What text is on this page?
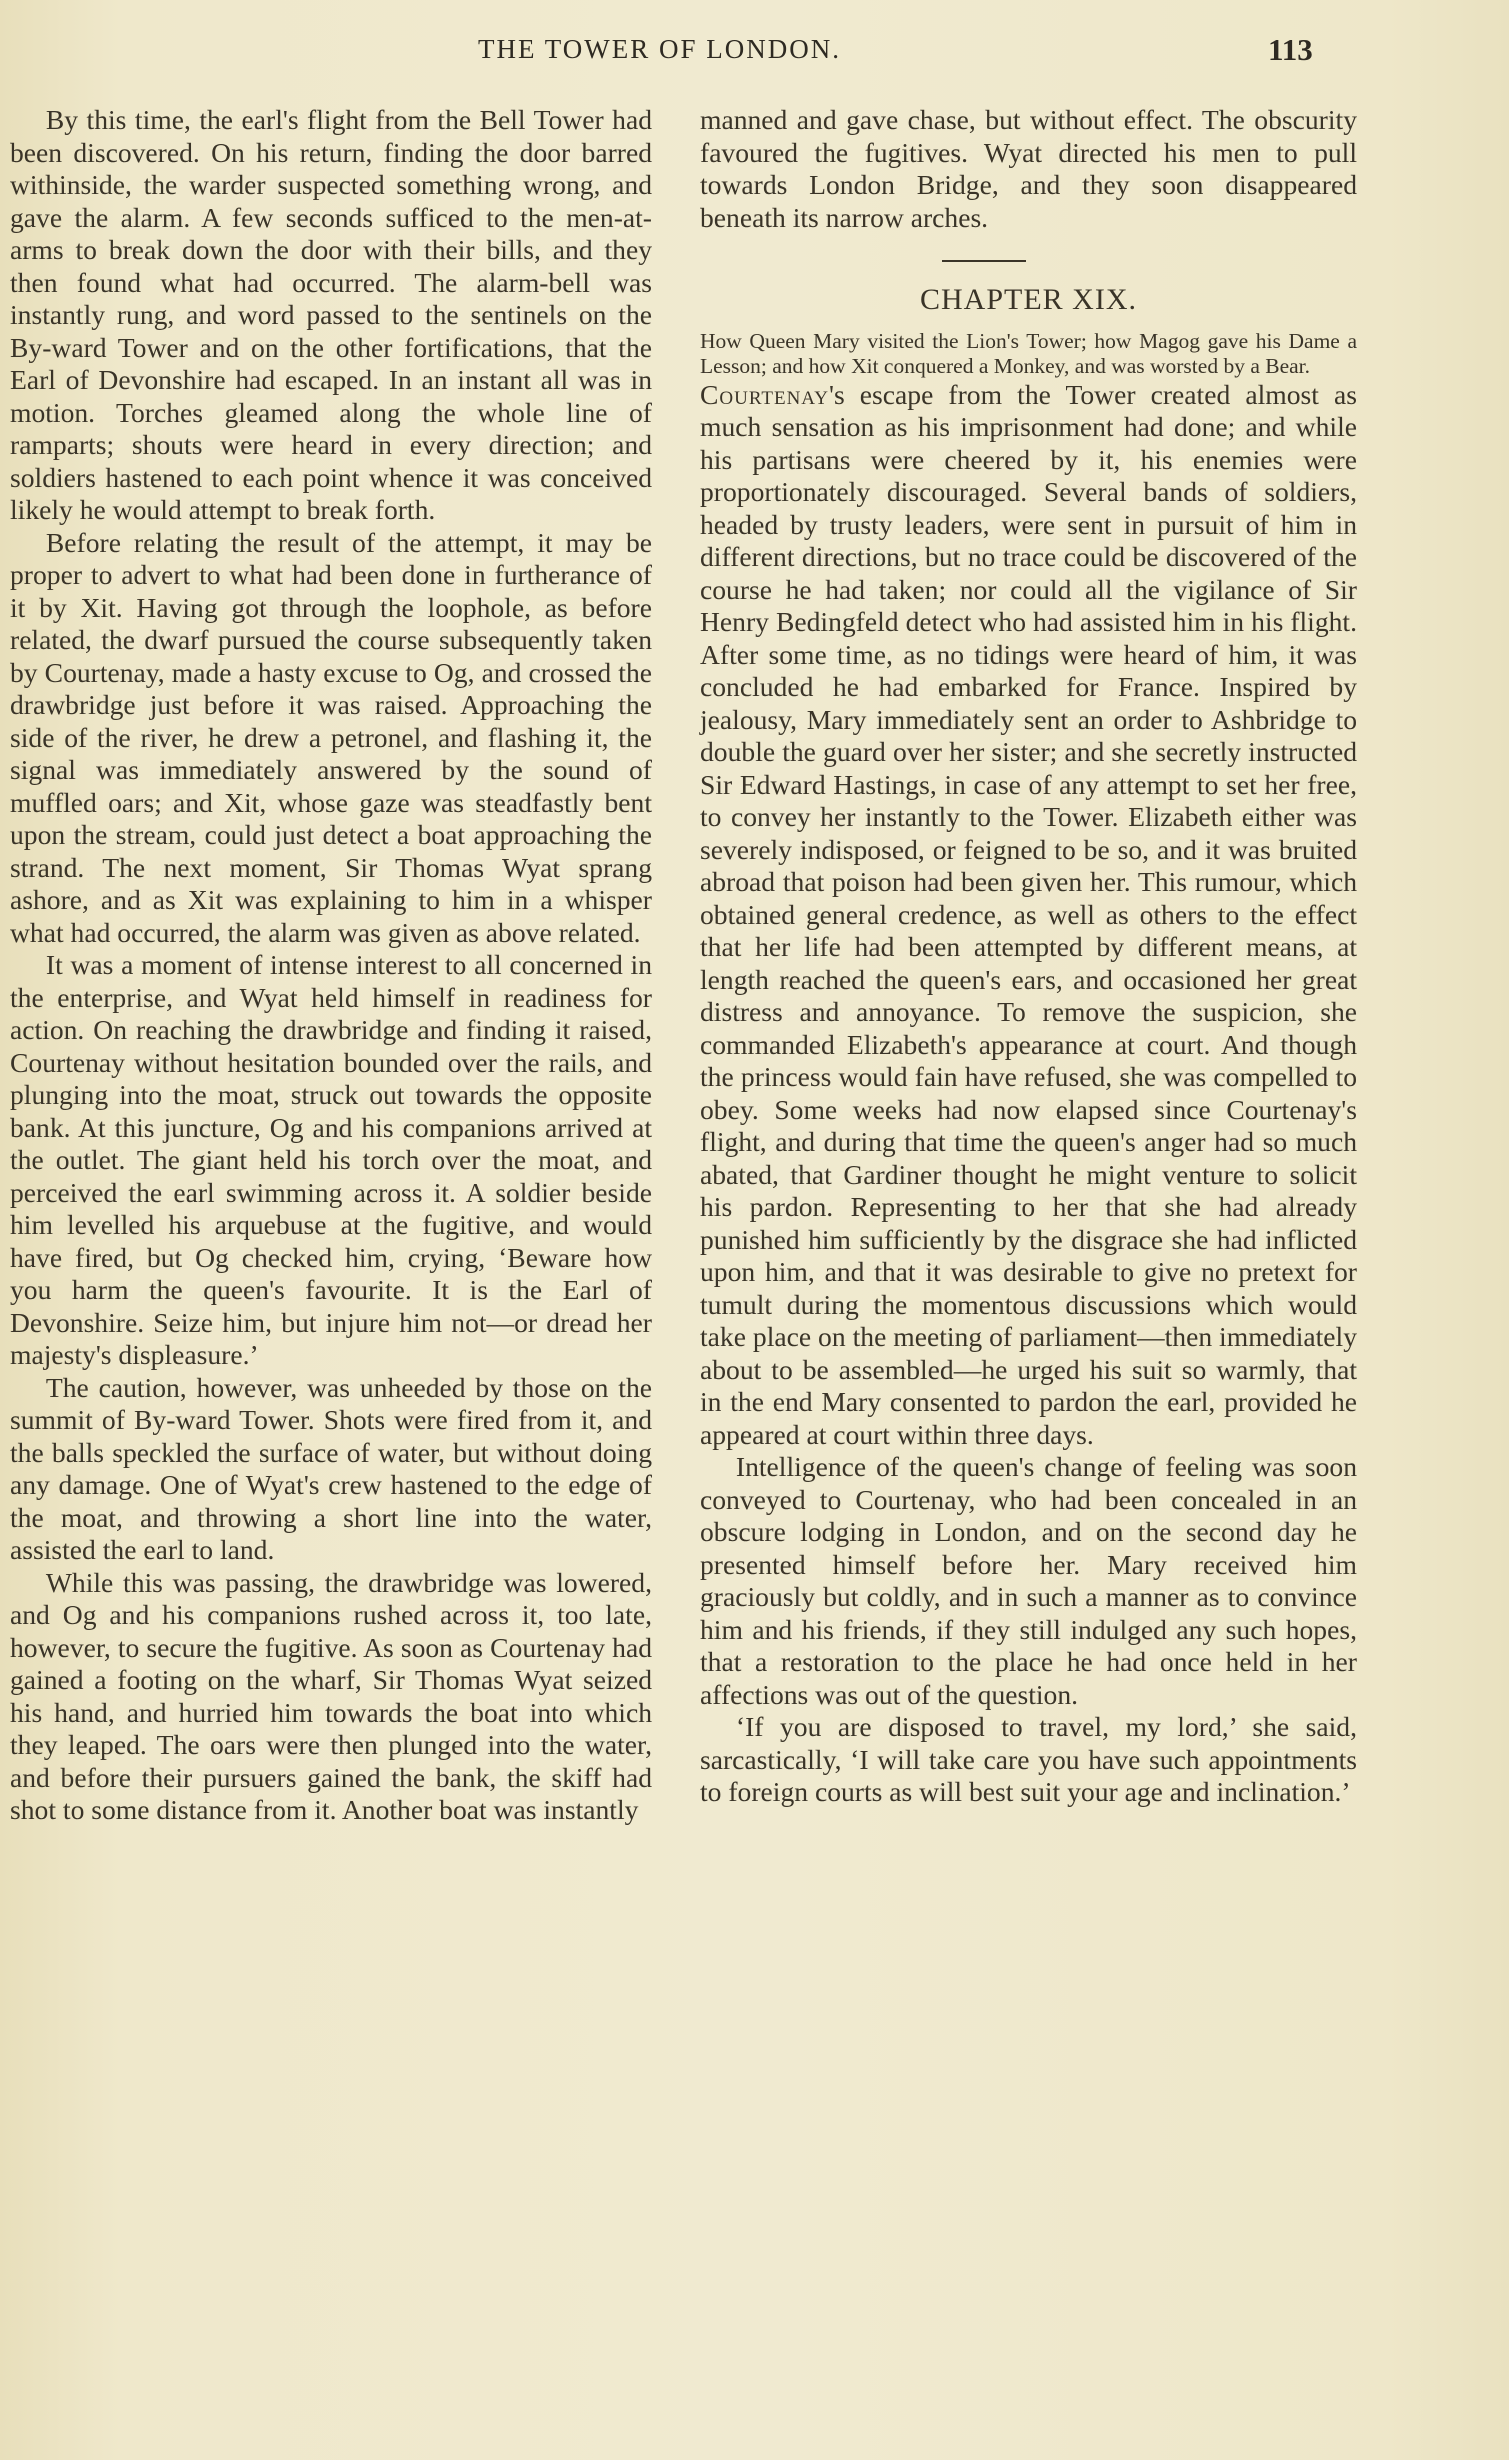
THE TOWER OF LONDON.	113

By this time, the earl's flight from the Bell Tower had been discovered. On his return, finding the door barred withinside, the warder suspected something wrong, and gave the alarm. A few seconds sufficed to the men-at-arms to break down the door with their bills, and they then found what had occurred. The alarm-bell was instantly rung, and word passed to the sentinels on the By-ward Tower and on the other fortifications, that the Earl of Devonshire had escaped. In an instant all was in motion. Torches gleamed along the whole line of ramparts; shouts were heard in every direction; and soldiers hastened to each point whence it was conceived likely he would attempt to break forth.

Before relating the result of the attempt, it may be proper to advert to what had been done in furtherance of it by Xit. Having got through the loophole, as before related, the dwarf pursued the course subsequently taken by Courtenay, made a hasty excuse to Og, and crossed the drawbridge just before it was raised. Approaching the side of the river, he drew a petronel, and flashing it, the signal was immediately answered by the sound of muffled oars; and Xit, whose gaze was steadfastly bent upon the stream, could just detect a boat approaching the strand. The next moment, Sir Thomas Wyat sprang ashore, and as Xit was explaining to him in a whisper what had occurred, the alarm was given as above related.

It was a moment of intense interest to all concerned in the enterprise, and Wyat held himself in readiness for action. On reaching the drawbridge and finding it raised, Courtenay without hesitation bounded over the rails, and plunging into the moat, struck out towards the opposite bank. At this juncture, Og and his companions arrived at the outlet. The giant held his torch over the moat, and perceived the earl swimming across it. A soldier beside him levelled his arquebuse at the fugitive, and would have fired, but Og checked him, crying, ‘Beware how you harm the queen's favourite. It is the Earl of Devonshire. Seize him, but injure him not—or dread her majesty's displeasure.’

The caution, however, was unheeded by those on the summit of By-ward Tower. Shots were fired from it, and the balls speckled the surface of water, but without doing any damage. One of Wyat's crew hastened to the edge of the moat, and throwing a short line into the water, assisted the earl to land.

While this was passing, the drawbridge was lowered, and Og and his companions rushed across it, too late, however, to secure the fugitive. As soon as Courtenay had gained a footing on the wharf, Sir Thomas Wyat seized his hand, and hurried him towards the boat into which they leaped. The oars were then plunged into the water, and before their pursuers gained the bank, the skiff had shot to some distance from it. Another boat was instantly

manned and gave chase, but without effect. The obscurity favoured the fugitives. Wyat directed his men to pull towards London Bridge, and they soon disappeared beneath its narrow arches.

CHAPTER XIX.

How Queen Mary visited the Lion's Tower; how Magog gave his Dame a Lesson; and how Xit conquered a Monkey, and was worsted by a Bear.

Courtenay's escape from the Tower created almost as much sensation as his imprisonment had done; and while his partisans were cheered by it, his enemies were proportionately discouraged. Several bands of soldiers, headed by trusty leaders, were sent in pursuit of him in different directions, but no trace could be discovered of the course he had taken; nor could all the vigilance of Sir Henry Bedingfeld detect who had assisted him in his flight. After some time, as no tidings were heard of him, it was concluded he had embarked for France. Inspired by jealousy, Mary immediately sent an order to Ashbridge to double the guard over her sister; and she secretly instructed Sir Edward Hastings, in case of any attempt to set her free, to convey her instantly to the Tower. Elizabeth either was severely indisposed, or feigned to be so, and it was bruited abroad that poison had been given her. This rumour, which obtained general credence, as well as others to the effect that her life had been attempted by different means, at length reached the queen's ears, and occasioned her great distress and annoyance. To remove the suspicion, she commanded Elizabeth's appearance at court. And though the princess would fain have refused, she was compelled to obey. Some weeks had now elapsed since Courtenay's flight, and during that time the queen's anger had so much abated, that Gardiner thought he might venture to solicit his pardon. Representing to her that she had already punished him sufficiently by the disgrace she had inflicted upon him, and that it was desirable to give no pretext for tumult during the momentous discussions which would take place on the meeting of parliament—then immediately about to be assembled—he urged his suit so warmly, that in the end Mary consented to pardon the earl, provided he appeared at court within three days.

Intelligence of the queen's change of feeling was soon conveyed to Courtenay, who had been concealed in an obscure lodging in London, and on the second day he presented himself before her. Mary received him graciously but coldly, and in such a manner as to convince him and his friends, if they still indulged any such hopes, that a restoration to the place he had once held in her affections was out of the question.

‘If you are disposed to travel, my lord,’ she said, sarcastically, ‘I will take care you have such appointments to foreign courts as will best suit your age and inclination.’
